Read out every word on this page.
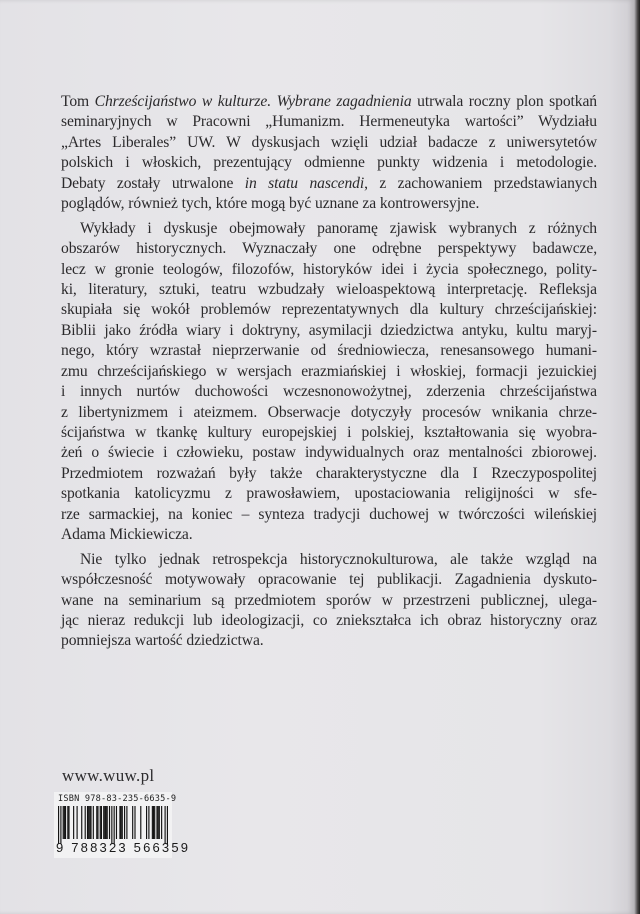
Tom Chrześcijaństwo w kulturze. Wybrane zagadnienia utrwala roczny plon spotkań
seminaryjnych w Pracowni „Humanizm. Hermeneutyka wartości” Wydziału
„Artes Liberales” UW. W dyskusjach wzięli udział badacze z uniwersytetów
polskich i włoskich, prezentujący odmienne punkty widzenia i metodologie.
Debaty zostały utrwalone in statu nascendi, z zachowaniem przedstawianych
poglądów, również tych, które mogą być uznane za kontrowersyjne.
Wykłady i dyskusje obejmowały panoramę zjawisk wybranych z różnych
obszarów historycznych. Wyznaczały one odrębne perspektywy badawcze,
lecz w gronie teologów, filozofów, historyków idei i życia społecznego, polity-
ki, literatury, sztuki, teatru wzbudzały wieloaspektową interpretację. Refleksja
skupiała się wokół problemów reprezentatywnych dla kultury chrześcijańskiej:
Biblii jako źródła wiary i doktryny, asymilacji dziedzictwa antyku, kultu maryj-
nego, który wzrastał nieprzerwanie od średniowiecza, renesansowego humani-
zmu chrześcijańskiego w wersjach erazmiańskiej i włoskiej, formacji jezuickiej
i innych nurtów duchowości wczesnonowożytnej, zderzenia chrześcijaństwa
z libertynizmem i ateizmem. Obserwacje dotyczyły procesów wnikania chrze-
ścijaństwa w tkankę kultury europejskiej i polskiej, kształtowania się wyobra-
żeń o świecie i człowieku, postaw indywidualnych oraz mentalności zbiorowej.
Przedmiotem rozważań były także charakterystyczne dla I Rzeczypospolitej
spotkania katolicyzmu z prawosławiem, upostaciowania religijności w sfe-
rze sarmackiej, na koniec – synteza tradycji duchowej w twórczości wileńskiej
Adama Mickiewicza.
Nie tylko jednak retrospekcja historycznokulturowa, ale także wzgląd na
współczesność motywowały opracowanie tej publikacji. Zagadnienia dyskuto-
wane na seminarium są przedmiotem sporów w przestrzeni publicznej, ulega-
jąc nieraz redukcji lub ideologizacji, co zniekształca ich obraz historyczny oraz
pomniejsza wartość dziedzictwa.
www.wuw.pl
ISBN 978-83-235-6635-9
9 788323 566359
